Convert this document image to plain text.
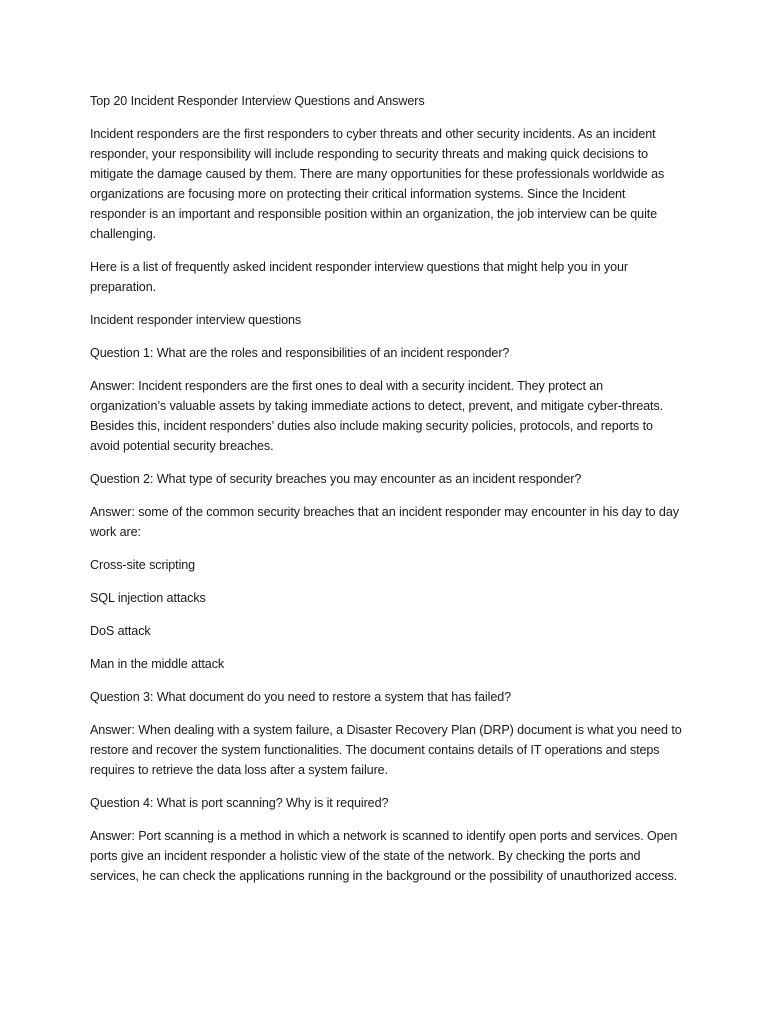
Top 20 Incident Responder Interview Questions and Answers

Incident responders are the first responders to cyber threats and other security incidents. As an incident responder, your responsibility will include responding to security threats and making quick decisions to mitigate the damage caused by them. There are many opportunities for these professionals worldwide as organizations are focusing more on protecting their critical information systems. Since the Incident responder is an important and responsible position within an organization, the job interview can be quite challenging.

Here is a list of frequently asked incident responder interview questions that might help you in your preparation.

Incident responder interview questions

Question 1: What are the roles and responsibilities of an incident responder?

Answer: Incident responders are the first ones to deal with a security incident. They protect an organization’s valuable assets by taking immediate actions to detect, prevent, and mitigate cyber-threats. Besides this, incident responders’ duties also include making security policies, protocols, and reports to avoid potential security breaches.

Question 2: What type of security breaches you may encounter as an incident responder?

Answer: some of the common security breaches that an incident responder may encounter in his day to day work are:

Cross-site scripting

SQL injection attacks

DoS attack

Man in the middle attack

Question 3: What document do you need to restore a system that has failed?

Answer: When dealing with a system failure, a Disaster Recovery Plan (DRP) document is what you need to restore and recover the system functionalities. The document contains details of IT operations and steps requires to retrieve the data loss after a system failure.

Question 4: What is port scanning? Why is it required?

Answer: Port scanning is a method in which a network is scanned to identify open ports and services. Open ports give an incident responder a holistic view of the state of the network. By checking the ports and services, he can check the applications running in the background or the possibility of unauthorized access.
